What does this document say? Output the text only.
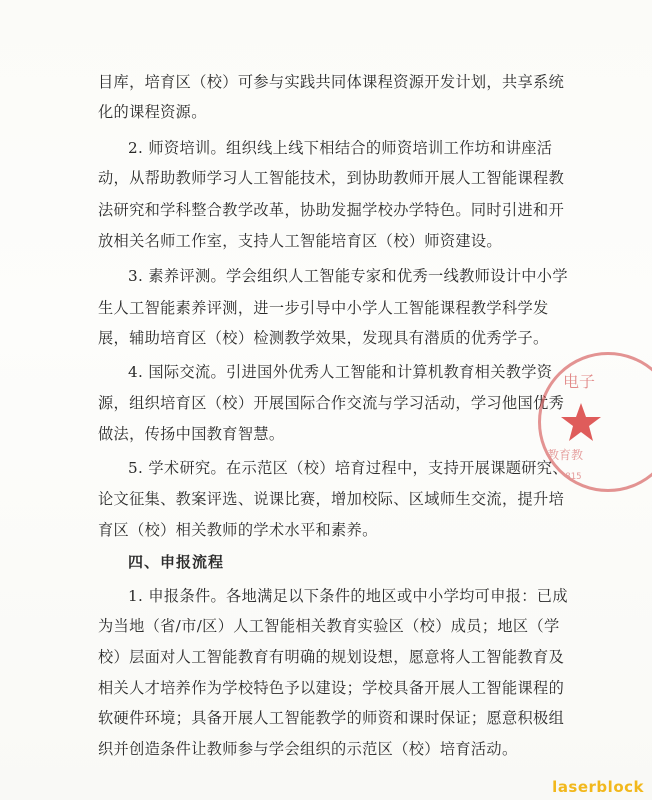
目库，培育区（校）可参与实践共同体课程资源开发计划，共享系统
化的课程资源。
2. 师资培训。组织线上线下相结合的师资培训工作坊和讲座活
动，从帮助教师学习人工智能技术，到协助教师开展人工智能课程教
法研究和学科整合教学改革，协助发掘学校办学特色。同时引进和开
放相关名师工作室，支持人工智能培育区（校）师资建设。
3. 素养评测。学会组织人工智能专家和优秀一线教师设计中小学
生人工智能素养评测，进一步引导中小学人工智能课程教学科学发
展，辅助培育区（校）检测教学效果，发现具有潜质的优秀学子。
4. 国际交流。引进国外优秀人工智能和计算机教育相关教学资
源，组织培育区（校）开展国际合作交流与学习活动，学习他国优秀
做法，传扬中国教育智慧。
5. 学术研究。在示范区（校）培育过程中，支持开展课题研究、
论文征集、教案评选、说课比赛，增加校际、区域师生交流，提升培
育区（校）相关教师的学术水平和素养。
四、申报流程
1. 申报条件。各地满足以下条件的地区或中小学均可申报：已成
为当地（省/市/区）人工智能相关教育实验区（校）成员；地区（学
校）层面对人工智能教育有明确的规划设想，愿意将人工智能教育及
相关人才培养作为学校特色予以建设；学校具备开展人工智能课程的
软硬件环境；具备开展人工智能教学的师资和课时保证；愿意积极组
织并创造条件让教师参与学会组织的示范区（校）培育活动。
电子
教育教
770815
laserblock
